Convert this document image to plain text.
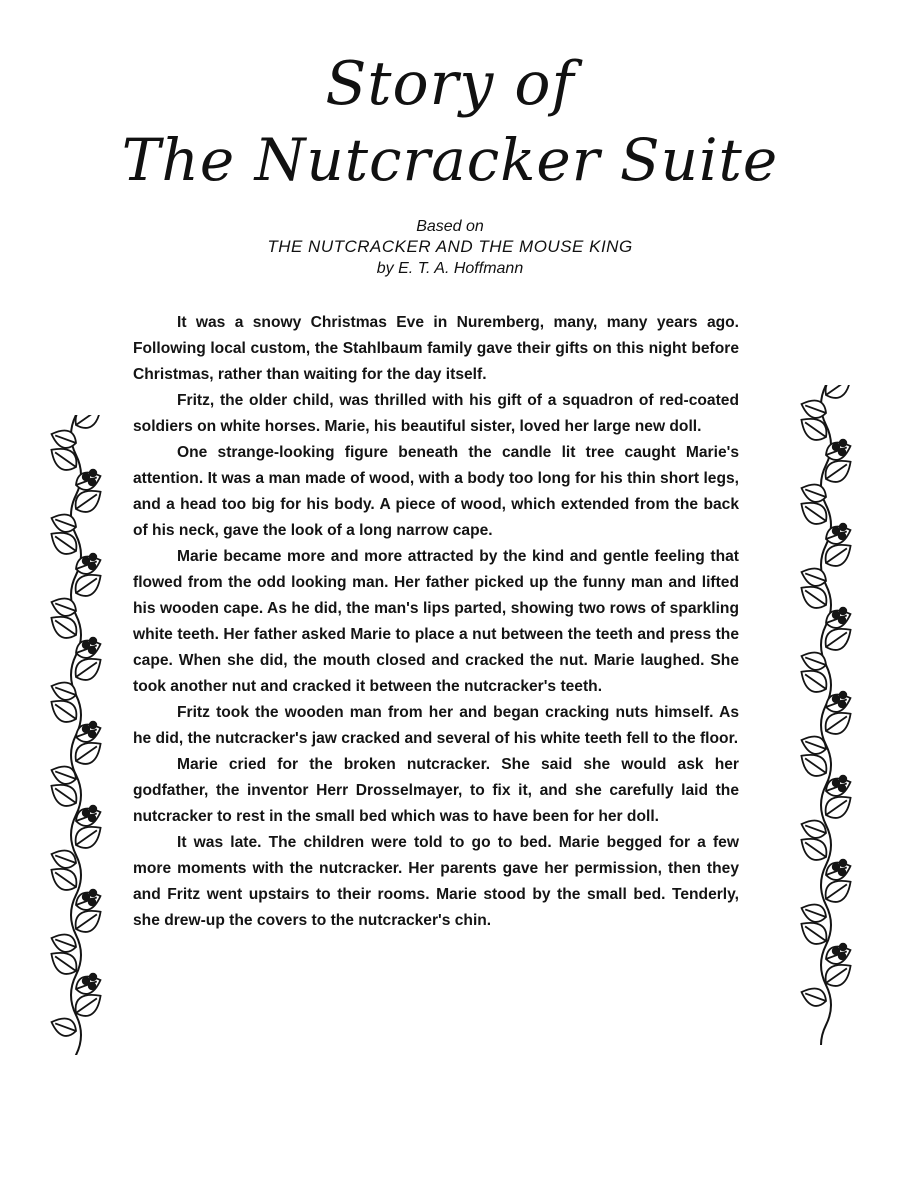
Story of
The Nutcracker Suite
Based on
THE NUTCRACKER AND THE MOUSE KING
by E. T. A. Hoffmann

It was a snowy Christmas Eve in Nuremberg, many, many years ago. Following local custom, the Stahlbaum family gave their gifts on this night before Christmas, rather than waiting for the day itself.

Fritz, the older child, was thrilled with his gift of a squadron of red-coated soldiers on white horses. Marie, his beautiful sister, loved her large new doll.

One strange-looking figure beneath the candle lit tree caught Marie's attention. It was a man made of wood, with a body too long for his thin short legs, and a head too big for his body. A piece of wood, which extended from the back of his neck, gave the look of a long narrow cape.

Marie became more and more attracted by the kind and gentle feeling that flowed from the odd looking man. Her father picked up the funny man and lifted his wooden cape. As he did, the man's lips parted, showing two rows of sparkling white teeth. Her father asked Marie to place a nut between the teeth and press the cape. When she did, the mouth closed and cracked the nut. Marie laughed. She took another nut and cracked it between the nutcracker's teeth.

Fritz took the wooden man from her and began cracking nuts himself. As he did, the nutcracker's jaw cracked and several of his white teeth fell to the floor.

Marie cried for the broken nutcracker. She said she would ask her godfather, the inventor Herr Drosselmayer, to fix it, and she carefully laid the nutcracker to rest in the small bed which was to have been for her doll.

It was late. The children were told to go to bed. Marie begged for a few more moments with the nutcracker. Her parents gave her permission, then they and Fritz went upstairs to their rooms. Marie stood by the small bed. Tenderly, she drew-up the covers to the nutcracker's chin.
